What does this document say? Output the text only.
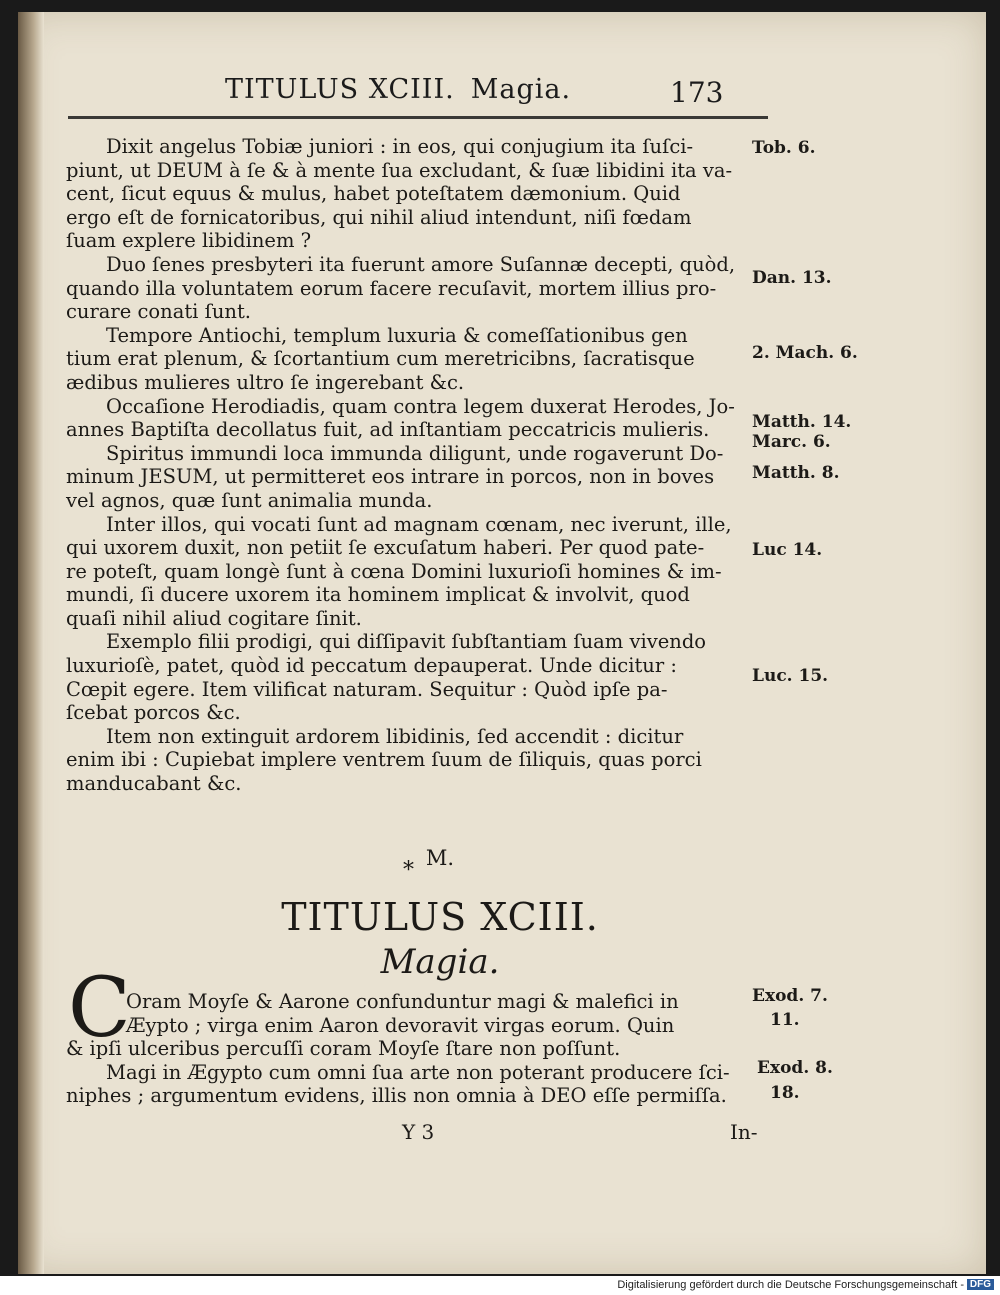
TITULUS XCIII. Magia.	173
Dixit angelus Tobiæ juniori : in eos, qui conjugium ita ſuſci-
piunt, ut DEUM à ſe & à mente ſua excludant, & ſuæ libidini ita va-
cent, ſicut equus & mulus, habet poteſtatem dæmonium. Quid
ergo eſt de fornicatoribus, qui nihil aliud intendunt, niſi fœdam
ſuam explere libidinem ?
Duo ſenes presbyteri ita fuerunt amore Suſannæ decepti, quòd,
quando illa voluntatem eorum facere recuſavit, mortem illius pro-
curare conati ſunt.
Tempore Antiochi, templum luxuria & comeſſationibus gen
tium erat plenum, & ſcortantium cum meretricibns, ſacratisque
ædibus mulieres ultro ſe ingerebant &c.
Occaſione Herodiadis, quam contra legem duxerat Herodes, Jo-
annes Baptiſta decollatus fuit, ad inſtantiam peccatricis mulieris.
Spiritus immundi loca immunda diligunt, unde rogaverunt Do-
minum JESUM, ut permitteret eos intrare in porcos, non in boves
vel agnos, quæ ſunt animalia munda.
Inter illos, qui vocati ſunt ad magnam cœnam, nec iverunt, ille,
qui uxorem duxit, non petiit ſe excuſatum haberi. Per quod pate-
re poteſt, quam longè ſunt à cœna Domini luxurioſi homines & im-
mundi, ſi ducere uxorem ita hominem implicat & involvit, quod
quaſi nihil aliud cogitare ſinit.
Exemplo filii prodigi, qui diſſipavit ſubſtantiam ſuam vivendo
luxurioſè, patet, quòd id peccatum depauperat. Unde dicitur :
Cœpit egere. Item vilificat naturam. Sequitur : Quòd ipſe pa-
ſcebat porcos &c.
Item non extinguit ardorem libidinis, ſed accendit : dicitur
enim ibi : Cupiebat implere ventrem ſuum de ſiliquis, quas porci
manducabant &c.
Tob. 6.
Dan. 13.
2. Mach. 6.
Matth. 14.
Marc. 6.
Matth. 8.
Luc 14.
Luc. 15.
Exod. 7.
11.
Exod. 8.
18.
M.
*
TITULUS XCIII.
Magia.
C
Oram Moyſe & Aarone confunduntur magi & malefici in
Æypto ; virga enim Aaron devoravit virgas eorum. Quin
& ipſi ulceribus percuſſi coram Moyſe ſtare non poſſunt.
Magi in Ægypto cum omni ſua arte non poterant producere ſci-
niphes ; argumentum evidens, illis non omnia à DEO eſſe permiſſa.
Y 3	In-
Digitalisierung gefördert durch die Deutsche Forschungsgemeinschaft - DFG
